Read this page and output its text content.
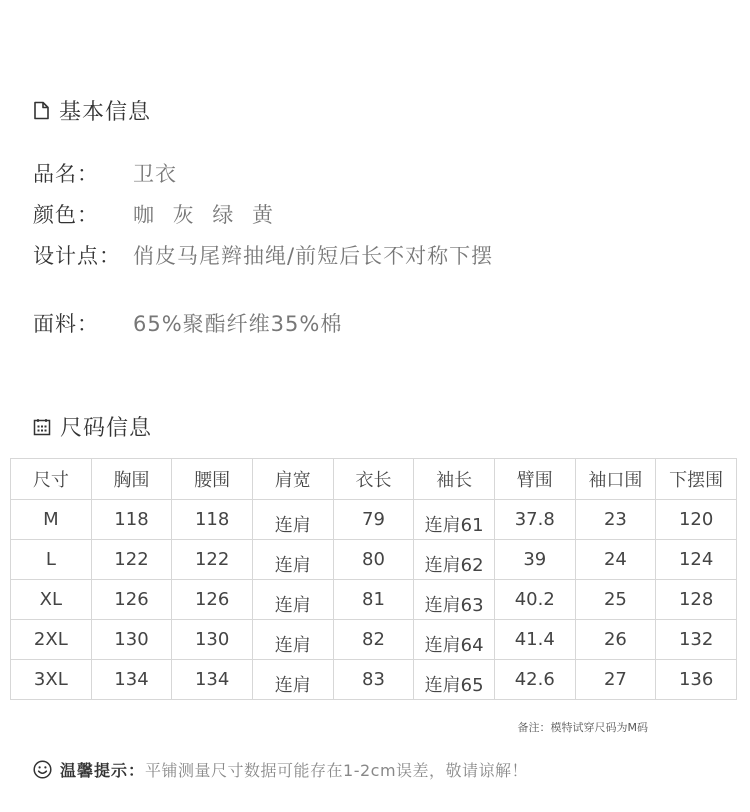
基本信息
品名：	卫衣
颜色：	咖 灰 绿 黄
设计点： 俏皮马尾辫抽绳/前短后长不对称下摆
面料：	65%聚酯纤维35%棉
尺码信息
尺寸	胸围	腰围	肩宽	衣长	袖长	臂围	袖口围	下摆围
M	118	118	连肩	79	连肩61	37.8	23	120
L	122	122	连肩	80	连肩62	39	24	124
XL	126	126	连肩	81	连肩63	40.2	25	128
2XL	130	130	连肩	82	连肩64	41.4	26	132
3XL	134	134	连肩	83	连肩65	42.6	27	136
备注：模特试穿尺码为M码
温馨提示： 平铺测量尺寸数据可能存在1-2cm误差，敬请谅解！
